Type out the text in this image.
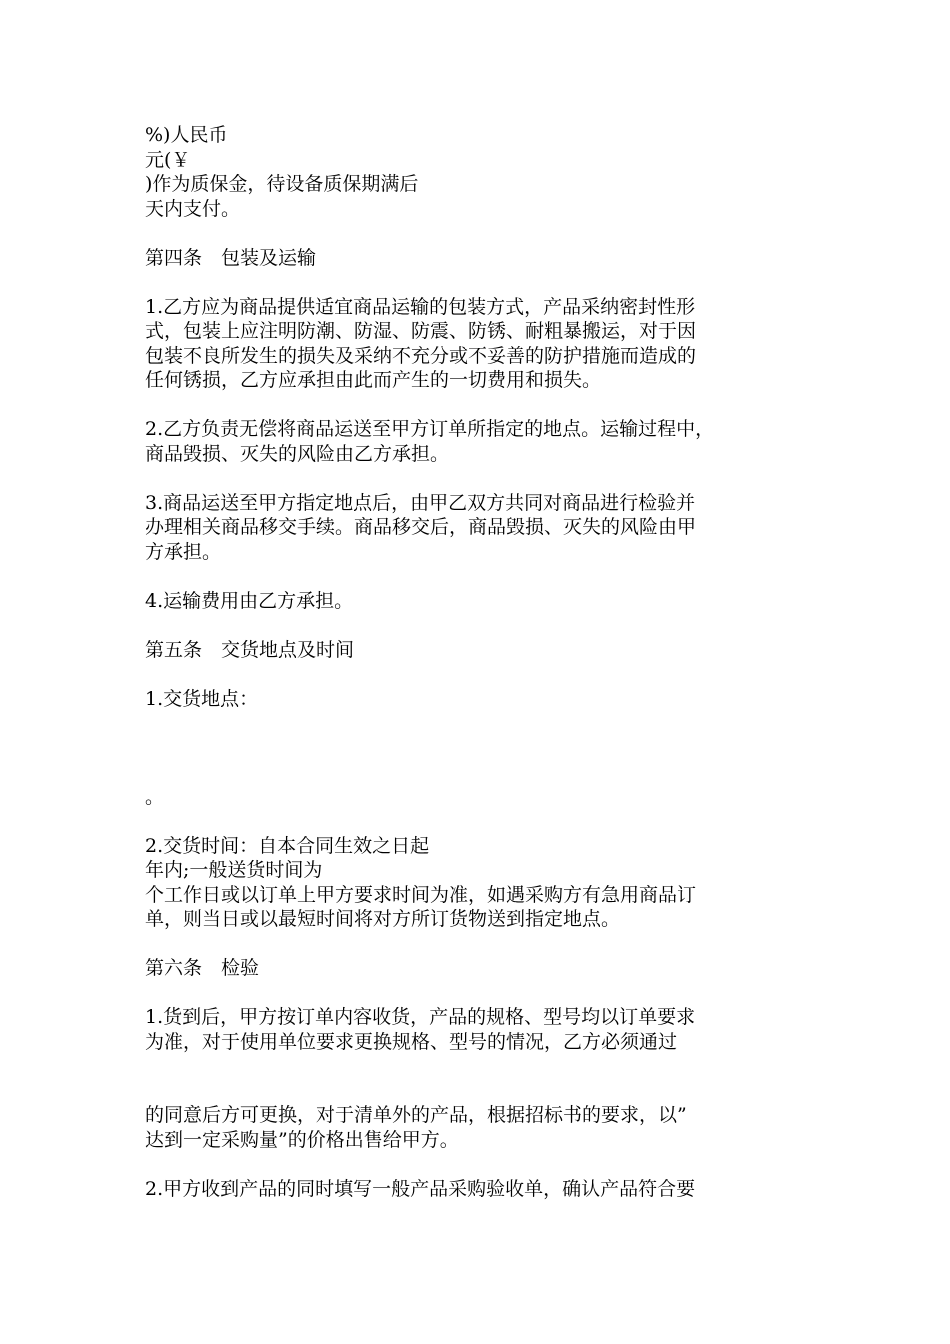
%)人民币
元(￥
)作为质保金，待设备质保期满后
天内支付。
第四条　包装及运输
1.乙方应为商品提供适宜商品运输的包装方式，产品采纳密封性形
式，包装上应注明防潮、防湿、防震、防锈、耐粗暴搬运，对于因
包装不良所发生的损失及采纳不充分或不妥善的防护措施而造成的
任何锈损，乙方应承担由此而产生的一切费用和损失。
2.乙方负责无偿将商品运送至甲方订单所指定的地点。运输过程中，
商品毁损、灭失的风险由乙方承担。
3.商品运送至甲方指定地点后，由甲乙双方共同对商品进行检验并
办理相关商品移交手续。商品移交后，商品毁损、灭失的风险由甲
方承担。
4.运输费用由乙方承担。
第五条　交货地点及时间
1.交货地点：
。
2.交货时间：自本合同生效之日起
年内;一般送货时间为
个工作日或以订单上甲方要求时间为准，如遇采购方有急用商品订
单，则当日或以最短时间将对方所订货物送到指定地点。
第六条　检验
1.货到后，甲方按订单内容收货，产品的规格、型号均以订单要求
为准，对于使用单位要求更换规格、型号的情况，乙方必须通过
的同意后方可更换，对于清单外的产品，根据招标书的要求，以”
达到一定采购量”的价格出售给甲方。
2.甲方收到产品的同时填写一般产品采购验收单，确认产品符合要
